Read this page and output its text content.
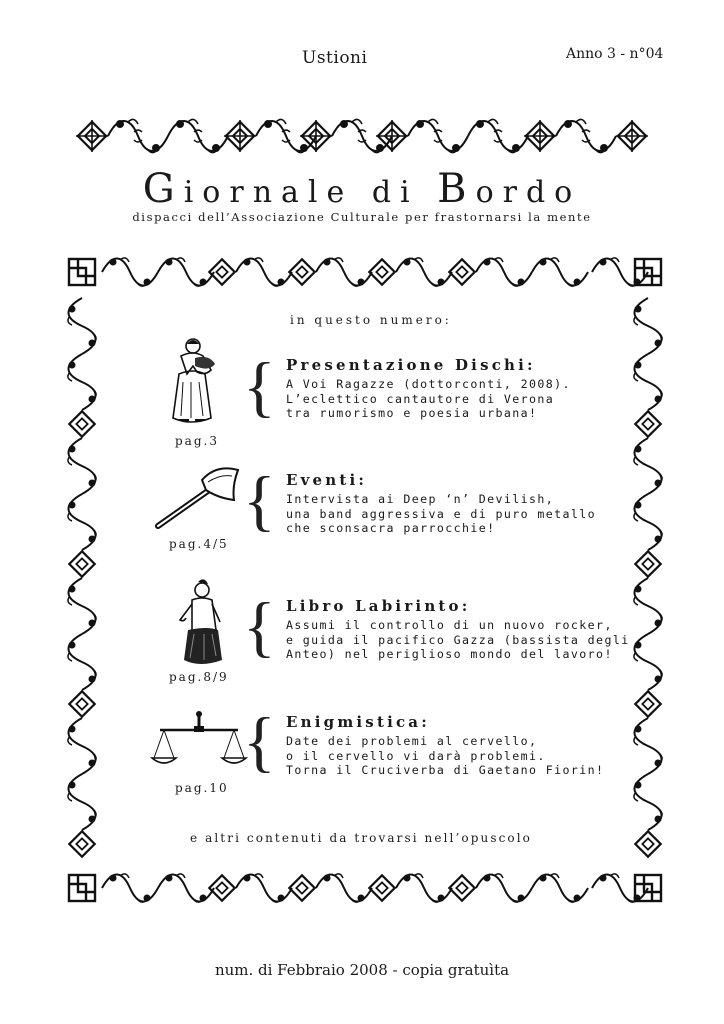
Ustioni	Anno 3 - n°04
Giornale di Bordo
dispacci dell’Associazione Culturale per frastornarsi la mente
in questo numero:
pag.3
{ Presentazione Dischi:
A Voi Ragazze (dottorconti, 2008).
L’eclettico cantautore di Verona
tra rumorismo e poesia urbana!
pag.4/5
{ Eventi:
Intervista ai Deep ‘n’ Devilish,
una band aggressiva e di puro metallo
che sconsacra parrocchie!
pag.8/9
{ Libro Labirinto:
Assumi il controllo di un nuovo rocker,
e guida il pacifico Gazza (bassista degli
Anteo) nel periglioso mondo del lavoro!
pag.10
{ Enigmistica:
Date dei problemi al cervello,
o il cervello vi darà problemi.
Torna il Cruciverba di Gaetano Fiorin!
e altri contenuti da trovarsi nell’opuscolo
num. di Febbraio 2008 - copia gratuìta
